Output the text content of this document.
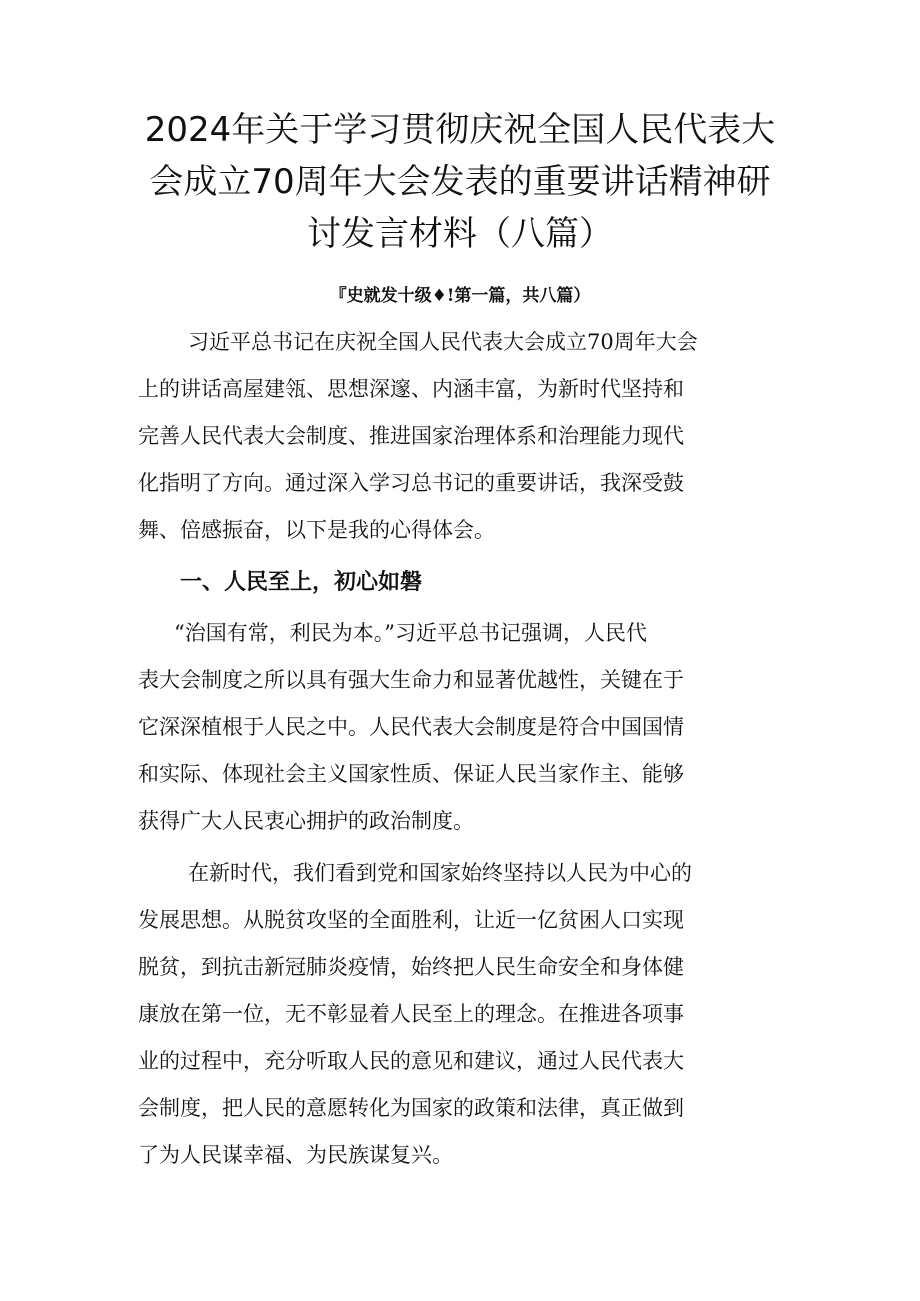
2024年关于学习贯彻庆祝全国人民代表大
会成立70周年大会发表的重要讲话精神研
讨发言材料（八篇）
『史就发十级♦!第一篇，共八篇）
习近平总书记在庆祝全国人民代表大会成立70周年大会
上的讲话高屋建瓴、思想深邃、内涵丰富，为新时代坚持和
完善人民代表大会制度、推进国家治理体系和治理能力现代
化指明了方向。通过深入学习总书记的重要讲话，我深受鼓
舞、倍感振奋，以下是我的心得体会。
一、人民至上，初心如磐
“治国有常，利民为本。”习近平总书记强调，人民代
表大会制度之所以具有强大生命力和显著优越性，关键在于
它深深植根于人民之中。人民代表大会制度是符合中国国情
和实际、体现社会主义国家性质、保证人民当家作主、能够
获得广大人民衷心拥护的政治制度。
在新时代，我们看到党和国家始终坚持以人民为中心的
发展思想。从脱贫攻坚的全面胜利，让近一亿贫困人口实现
脱贫，到抗击新冠肺炎疫情，始终把人民生命安全和身体健
康放在第一位，无不彰显着人民至上的理念。在推进各项事
业的过程中，充分听取人民的意见和建议，通过人民代表大
会制度，把人民的意愿转化为国家的政策和法律，真正做到
了为人民谋幸福、为民族谋复兴。
